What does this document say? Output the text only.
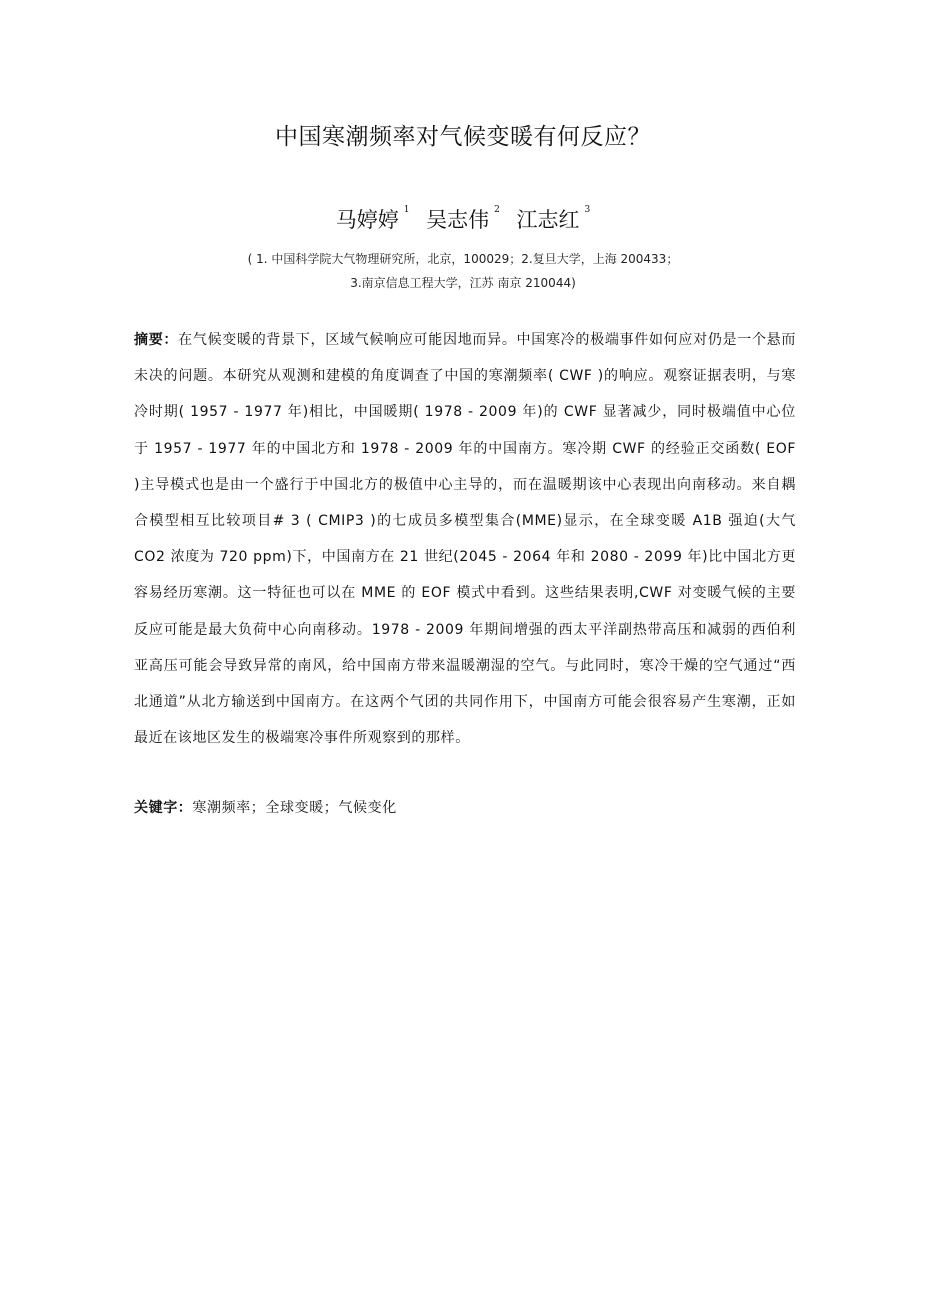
中国寒潮频率对气候变暖有何反应？
马婷婷 $^1$ 吴志伟 $^2$ 江志红 $^3$
( 1. 中国科学院大气物理研究所，北京，100029；2.复旦大学，上海 200433；
3.南京信息工程大学，江苏 南京 210044)
摘要：在气候变暖的背景下，区域气候响应可能因地而异。中国寒冷的极端事件如何应对仍是一个悬而未决的问题。本研究从观测和建模的角度调查了中国的寒潮频率( CWF )的响应。观察证据表明，与寒冷时期( 1957 - 1977 年)相比，中国暖期( 1978 - 2009 年)的 CWF 显著减少，同时极端值中心位于 1957 - 1977 年的中国北方和 1978 - 2009 年的中国南方。寒冷期 CWF 的经验正交函数( EOF )主导模式也是由一个盛行于中国北方的极值中心主导的，而在温暖期该中心表现出向南移动。来自耦合模型相互比较项目# 3 ( CMIP3 )的七成员多模型集合(MME)显示，在全球变暖 A1B 强迫(大气 CO2 浓度为 720 ppm)下，中国南方在 21 世纪(2045 - 2064 年和 2080 - 2099 年)比中国北方更容易经历寒潮。这一特征也可以在 MME 的 EOF 模式中看到。这些结果表明,CWF 对变暖气候的主要反应可能是最大负荷中心向南移动。1978 - 2009 年期间增强的西太平洋副热带高压和减弱的西伯利亚高压可能会导致异常的南风，给中国南方带来温暖潮湿的空气。与此同时，寒冷干燥的空气通过“西北通道”从北方输送到中国南方。在这两个气团的共同作用下，中国南方可能会很容易产生寒潮，正如最近在该地区发生的极端寒冷事件所观察到的那样。
关键字：寒潮频率；全球变暖；气候变化
